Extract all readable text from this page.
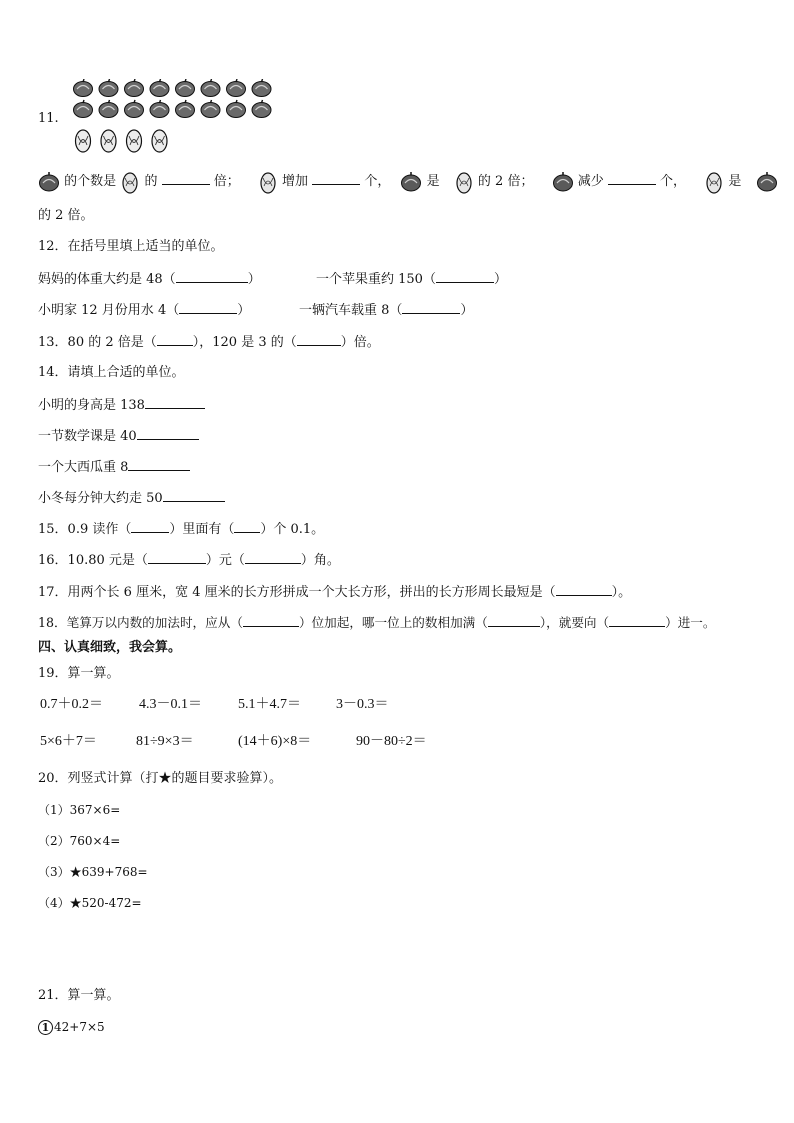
11.
的个数是 的	倍；	增加	个，	是	的 2 倍；	减少	个，	是
的 2 倍。
12．在括号里填上适当的单位。
妈妈的体重大约是 48（	）	一个苹果重约 150（	）
小明家 12 月份用水 4（	）	一辆汽车载重 8（	）
13．80 的 2 倍是（	），120 是 3 的（	）倍。
14．请填上合适的单位。
小明的身高是 138
一节数学课是 40
一个大西瓜重 8
小冬每分钟大约走 50
15．0.9 读作（	）里面有（ ）个 0.1。
16．10.80 元是（	）元（	）角。
17．用两个长 6 厘米，宽 4 厘米的长方形拼成一个大长方形，拼出的长方形周长最短是（	）。
18．笔算万以内数的加法时，应从（	）位加起，哪一位上的数相加满（	），就要向（	）进一。
四、认真细致，我会算。
19．算一算。
0.7＋0.2＝	4.3－0.1＝	5.1＋4.7＝	3－0.3＝
5×6＋7＝	81÷9×3＝	(14＋6)×8＝	90－80÷2＝
20．列竖式计算（打★的题目要求验算）。
（1）367×6=
（2）760×4=
（3）★639+768=
（4）★520-472=
21．算一算。
1 42+7×5
